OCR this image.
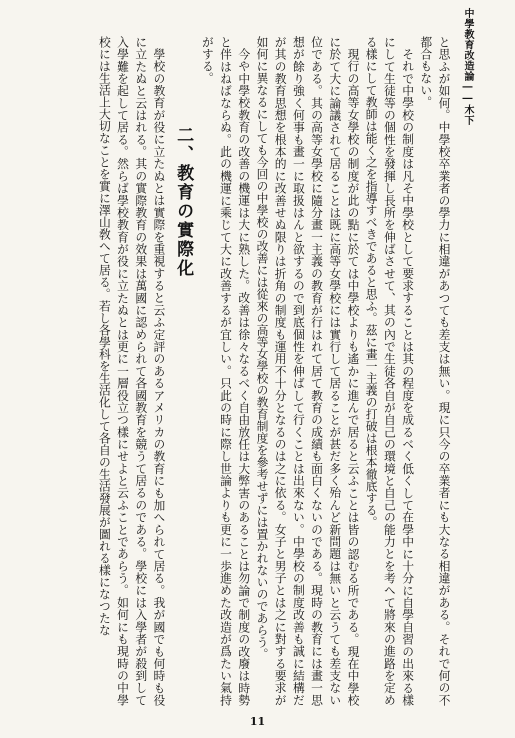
中學教育改造論――木下

と思ふが如何。中學校卒業者の學力に相違があつても差支は無い。現に只今の卒業者にも大なる相違がある。それで何の不都合もない。

それで中學校の制度は凡そ中學校として要求することは其の程度を成るべく低くして在學中に十分に自學自習の出來る樣にして生徒等の個性を發揮し長所を伸ばさせて、其の內で生徒各自が自己の環境と自己の能力とを考へて將來の進路を定める樣にして教師は能く之を指導すべきであると思ふ。茲に畫一主義の打破は根本徹底する。

現行の高等女學校の制度が此の點に於ては中學校よりも遙かに進んで居ると云ふことは皆の認むる所である。現在中學校に於て大に論議されて居ることは既に高等女學校には實行して居ることが甚だ多く殆んど新問題は無いと云うても差支ない位である。其の高等女學校に隨分畫一主義の教育が行はれて居て教育の成績も面白くないのである。現時の教育には畫一思想が餘り強く何事も畫一に取扱はんと欲するので到底個性を伸ばして行くことは出來ない。中學校の制度改善も誠に結構だが其の教育思想を根本的に改善せぬ限りは折角の制度も運用不十分となるのは之に依る。女子と男子とは之に對する要求が如何に異なるにしても今回の中學校の改善には從來の高等女學校の教育制度を參考せずには置かれないのであらう。

今や中學校教育の改善の機運は大に熟した。改善は徐々なるべく自由放任は大弊害のあることは勿論で制度の改廢は時勢と伴はねばならぬ。此の機運に乘じて大に改善するが宜しい。只此の時に際し世論よりも更に一歩進めた改造が爲たい氣持がする。

二、教育の實際化

學校の教育が役に立たぬとは實際を重視すると云ふ定評のあるアメリカの教育にも加へられて居る。我が國でも何時も役に立たぬと云はれる。其の實際教育の效果は萬國に認められて各國教育を競うて居るのである。學校には入學者が殺到して入學難を起して居る。然らば學校教育が役に立たぬとは更に一層役立つ樣にせよと云ふことであらう。如何にも現時の中學校には生活上大切なことを實に澤山敎へて居る。若し各學科を生活化して各自の生活發展が圖れる樣になつたな

11
